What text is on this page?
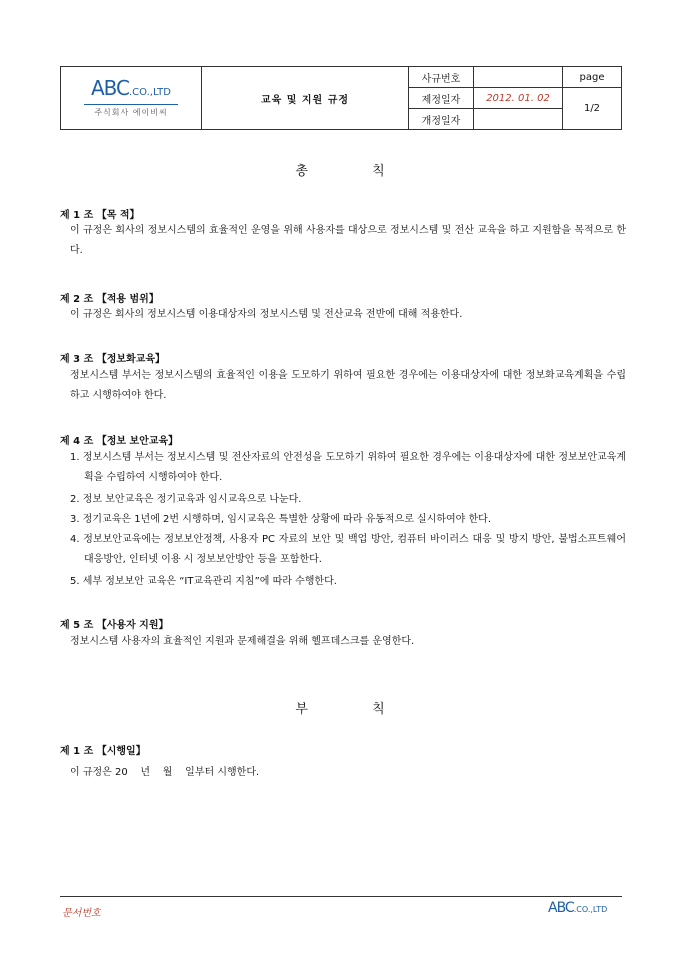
ABC.CO.,LTD
주식회사 에이비씨	교육 및 지원 규정	사규번호		page
		제정일자	2012. 01. 02	1/2
		개정일자		
총 칙
제 1 조 【목 적】
이 규정은 회사의 정보시스템의 효율적인 운영을 위해 사용자를 대상으로 정보시스템 및 전산 교육을 하고 지원함을 목적으로 한다.
제 2 조 【적용 범위】
이 규정은 회사의 정보시스템 이용대상자의 정보시스템 및 전산교육 전반에 대해 적용한다.
제 3 조 【정보화교육】
정보시스템 부서는 정보시스템의 효율적인 이용을 도모하기 위하여 필요한 경우에는 이용대상자에 대한 정보화교육계획을 수립하고 시행하여야 한다.
제 4 조 【정보 보안교육】
1. 정보시스템 부서는 정보시스템 및 전산자료의 안전성을 도모하기 위하여 필요한 경우에는 이용대상자에 대한 정보보안교육계획을 수립하여 시행하여야 한다.
2. 정보 보안교육은 정기교육과 임시교육으로 나눈다.
3. 정기교육은 1년에 2번 시행하며, 임시교육은 특별한 상황에 따라 유동적으로 실시하여야 한다.
4. 정보보안교육에는 정보보안정책, 사용자 PC 자료의 보안 및 백업 방안, 컴퓨터 바이러스 대응 및 방지 방안, 불법소프트웨어 대응방안, 인터넷 이용 시 정보보안방안 등을 포함한다.
5. 세부 정보보안 교육은 “IT교육관리 지침”에 따라 수행한다.
제 5 조 【사용자 지원】
정보시스템 사용자의 효율적인 지원과 문제해결을 위해 헬프데스크를 운영한다.
부 칙
제 1 조 【시행일】
이 규정은 20    년    월    일부터 시행한다.
문서번호	ABC.CO.,LTD
